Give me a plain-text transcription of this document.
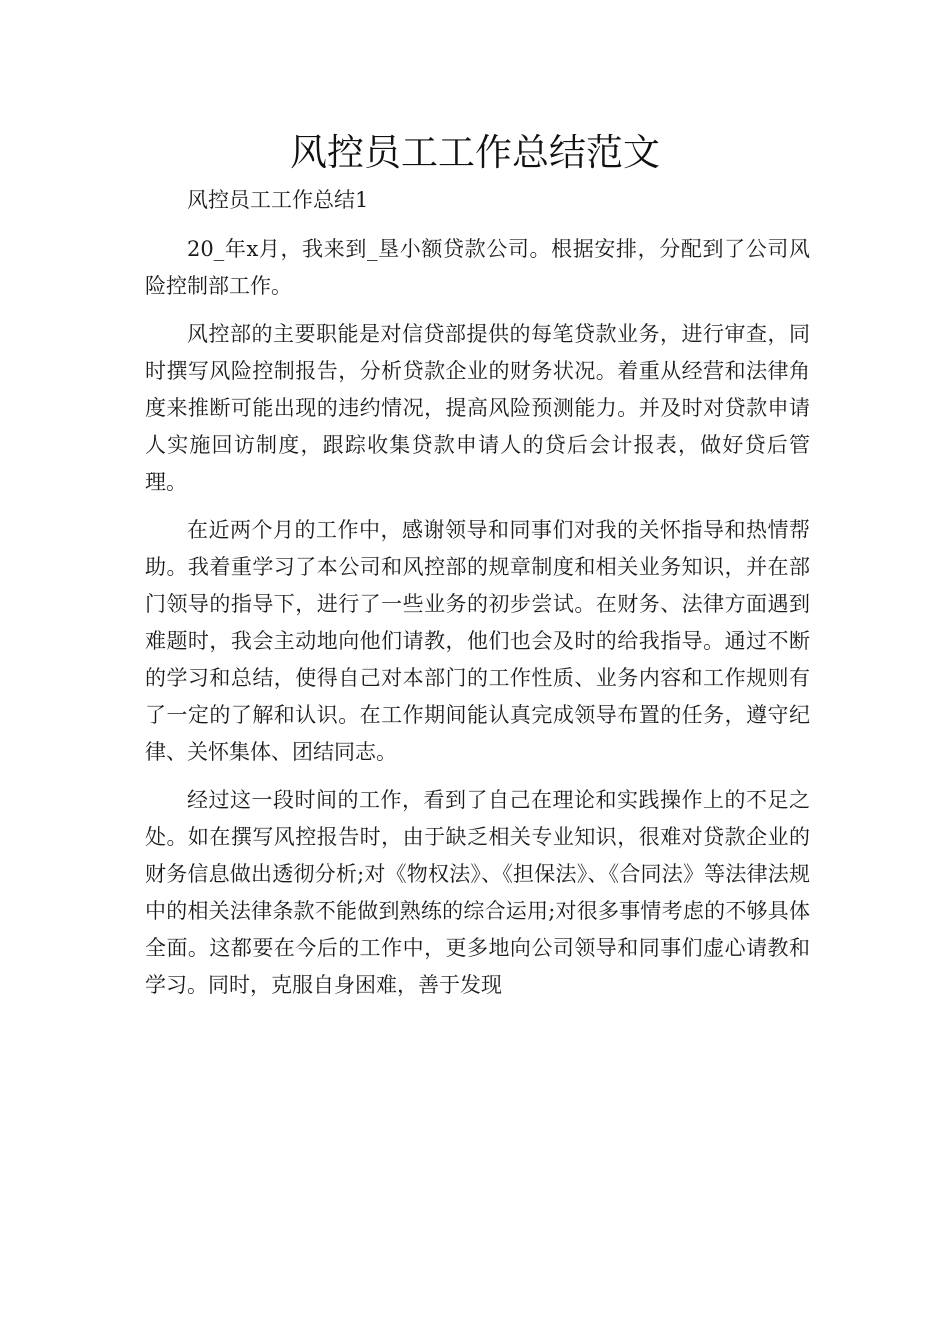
风控员工工作总结范文

风控员工工作总结1

20_年x月，我来到_垦小额贷款公司。根据安排，分配到了公司风险控制部工作。

风控部的主要职能是对信贷部提供的每笔贷款业务，进行审查，同时撰写风险控制报告，分析贷款企业的财务状况。着重从经营和法律角度来推断可能出现的违约情况，提高风险预测能力。并及时对贷款申请人实施回访制度，跟踪收集贷款申请人的贷后会计报表，做好贷后管理。

在近两个月的工作中，感谢领导和同事们对我的关怀指导和热情帮助。我着重学习了本公司和风控部的规章制度和相关业务知识，并在部门领导的指导下，进行了一些业务的初步尝试。在财务、法律方面遇到难题时，我会主动地向他们请教，他们也会及时的给我指导。通过不断的学习和总结，使得自己对本部门的工作性质、业务内容和工作规则有了一定的了解和认识。在工作期间能认真完成领导布置的任务，遵守纪律、关怀集体、团结同志。

经过这一段时间的工作，看到了自己在理论和实践操作上的不足之处。如在撰写风控报告时，由于缺乏相关专业知识，很难对贷款企业的财务信息做出透彻分析;对《物权法》、《担保法》、《合同法》等法律法规中的相关法律条款不能做到熟练的综合运用;对很多事情考虑的不够具体全面。这都要在今后的工作中，更多地向公司领导和同事们虚心请教和学习。同时，克服自身困难，善于发现
